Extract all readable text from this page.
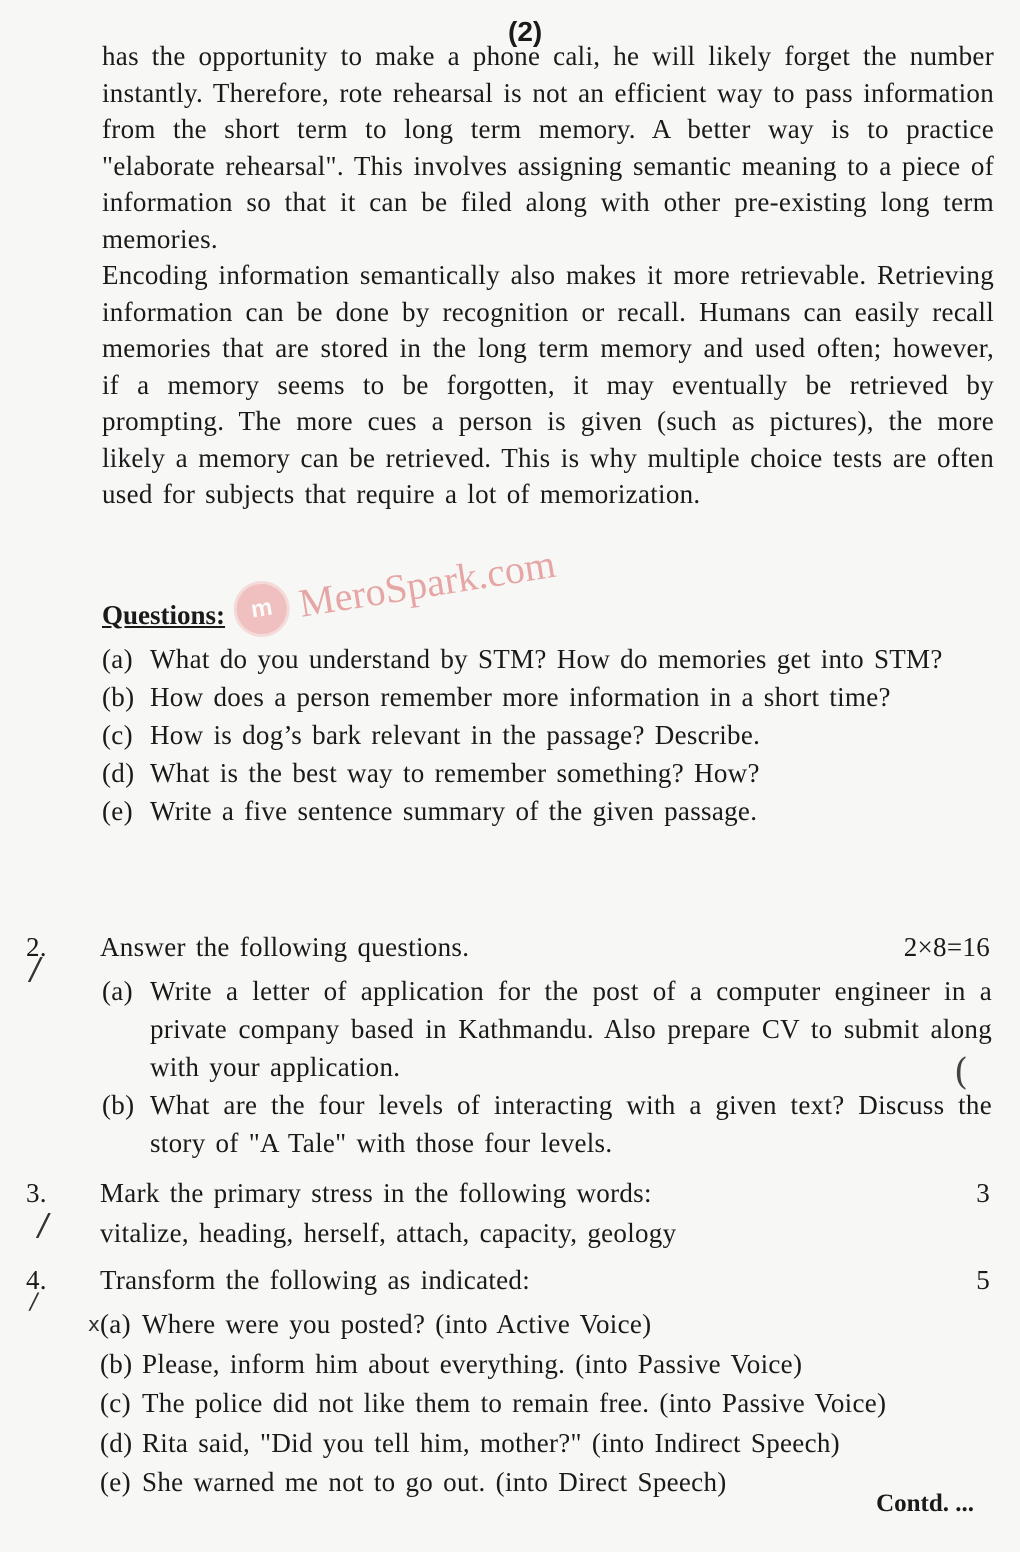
(2)

has the opportunity to make a phone cali, he will likely forget the number instantly. Therefore, rote rehearsal is not an efficient way to pass information from the short term to long term memory. A better way is to practice "elaborate rehearsal". This involves assigning semantic meaning to a piece of information so that it can be filed along with other pre-existing long term memories.

Encoding information semantically also makes it more retrievable. Retrieving information can be done by recognition or recall. Humans can easily recall memories that are stored in the long term memory and used often; however, if a memory seems to be forgotten, it may eventually be retrieved by prompting. The more cues a person is given (such as pictures), the more likely a memory can be retrieved. This is why multiple choice tests are often used for subjects that require a lot of memorization.

Questions: m MeroSpark.com
(a) What do you understand by STM? How do memories get into STM?
(b) How does a person remember more information in a short time?
(c) How is dog’s bark relevant in the passage? Describe.
(d) What is the best way to remember something? How?
(e) Write a five sentence summary of the given passage.
2. Answer the following questions.	2×8=16
/
(a) Write a letter of application for the post of a computer engineer in a private company based in Kathmandu. Also prepare CV to submit along with your application.
(b) What are the four levels of interacting with a given text? Discuss the story of "A Tale" with those four levels.
(
3. Mark the primary stress in the following words:	3
/ vitalize, heading, herself, attach, capacity, geology
4. Transform the following as indicated:	5
/
x (a) Where were you posted? (into Active Voice)
(b) Please, inform him about everything. (into Passive Voice)
(c) The police did not like them to remain free. (into Passive Voice)
(d) Rita said, "Did you tell him, mother?" (into Indirect Speech)
(e) She warned me not to go out. (into Direct Speech)
Contd. ...
